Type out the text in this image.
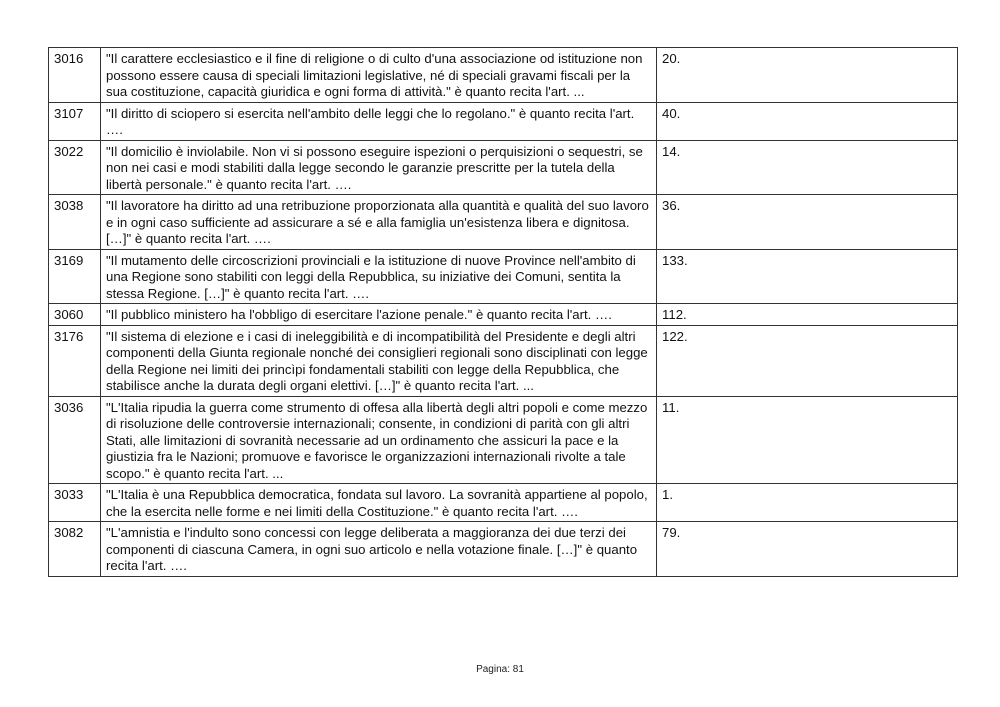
3016	"Il carattere ecclesiastico e il fine di religione o di culto d'una associazione od istituzione non possono essere causa di speciali limitazioni legislative, né di speciali gravami fiscali per la sua costituzione, capacità giuridica e ogni forma di attività." è quanto recita l'art. ...	20.
3107	"Il diritto di sciopero si esercita nell'ambito delle leggi che lo regolano." è quanto recita l'art. ….	40.
3022	"Il domicilio è inviolabile. Non vi si possono eseguire ispezioni o perquisizioni o sequestri, se non nei casi e modi stabiliti dalla legge secondo le garanzie prescritte per la tutela della libertà personale." è quanto recita l'art. ….	14.
3038	"Il lavoratore ha diritto ad una retribuzione proporzionata alla quantità e qualità del suo lavoro e in ogni caso sufficiente ad assicurare a sé e alla famiglia un'esistenza libera e dignitosa. […]" è quanto recita l'art. ….	36.
3169	"Il mutamento delle circoscrizioni provinciali e la istituzione di nuove Province nell'ambito di una Regione sono stabiliti con leggi della Repubblica, su iniziative dei Comuni, sentita la stessa Regione. […]" è quanto recita l'art. ….	133.
3060	"Il pubblico ministero ha l'obbligo di esercitare l'azione penale." è quanto recita l'art. ….	112.
3176	"Il sistema di elezione e i casi di ineleggibilità e di incompatibilità del Presidente e degli altri componenti della Giunta regionale nonché dei consiglieri regionali sono disciplinati con legge della Regione nei limiti dei princìpi fondamentali stabiliti con legge della Repubblica, che stabilisce anche la durata degli organi elettivi. […]" è quanto recita l'art. ...	122.
3036	"L'Italia ripudia la guerra come strumento di offesa alla libertà degli altri popoli e come mezzo di risoluzione delle controversie internazionali; consente, in condizioni di parità con gli altri Stati, alle limitazioni di sovranità necessarie ad un ordinamento che assicuri la pace e la giustizia fra le Nazioni; promuove e favorisce le organizzazioni internazionali rivolte a tale scopo." è quanto recita l'art. ...	11.
3033	"L'Italia è una Repubblica democratica, fondata sul lavoro. La sovranità appartiene al popolo, che la esercita nelle forme e nei limiti della Costituzione." è quanto recita l'art. ….	1.
3082	"L'amnistia e l'indulto sono concessi con legge deliberata a maggioranza dei due terzi dei componenti di ciascuna Camera, in ogni suo articolo e nella votazione finale. […]" è quanto recita l'art. ….	79.
Pagina: 81
